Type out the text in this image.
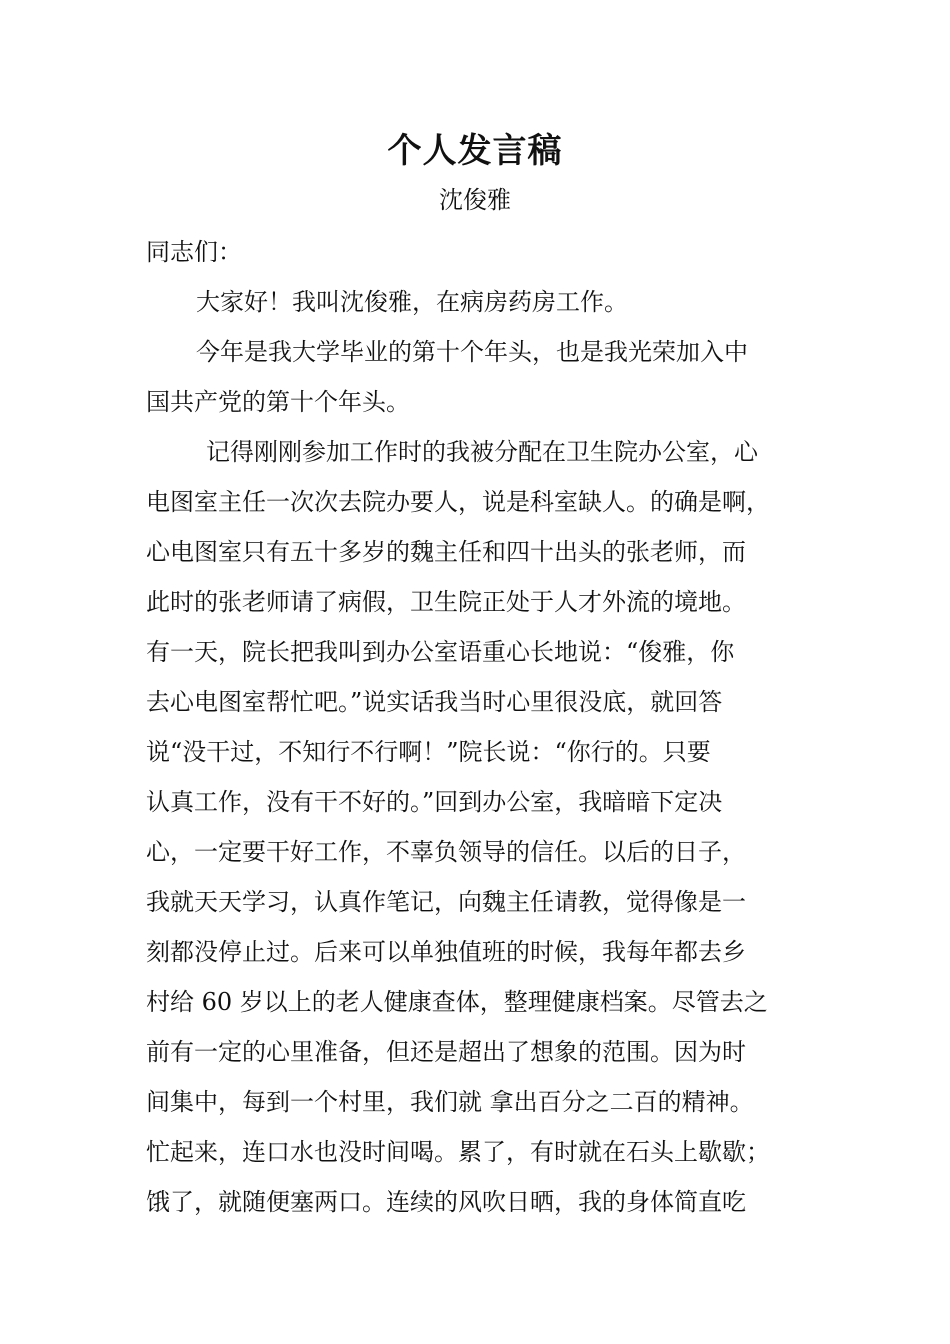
个人发言稿
沈俊雅
同志们：
大家好！我叫沈俊雅，在病房药房工作。
今年是我大学毕业的第十个年头，也是我光荣加入中
国共产党的第十个年头。
记得刚刚参加工作时的我被分配在卫生院办公室，心
电图室主任一次次去院办要人，说是科室缺人。的确是啊，
心电图室只有五十多岁的魏主任和四十出头的张老师，而
此时的张老师请了病假，卫生院正处于人才外流的境地。
有一天，院长把我叫到办公室语重心长地说：“俊雅，你
去心电图室帮忙吧。”说实话我当时心里很没底，就回答
说“没干过，不知行不行啊！”院长说：“你行的。只要
认真工作，没有干不好的。”回到办公室，我暗暗下定决
心，一定要干好工作，不辜负领导的信任。以后的日子，
我就天天学习，认真作笔记，向魏主任请教，觉得像是一
刻都没停止过。后来可以单独值班的时候，我每年都去乡
村给 60 岁以上的老人健康查体，整理健康档案。尽管去之
前有一定的心里准备，但还是超出了想象的范围。因为时
间集中，每到一个村里，我们就 拿出百分之二百的精神。
忙起来，连口水也没时间喝。累了，有时就在石头上歇歇；
饿了，就随便塞两口。连续的风吹日晒，我的身体简直吃
